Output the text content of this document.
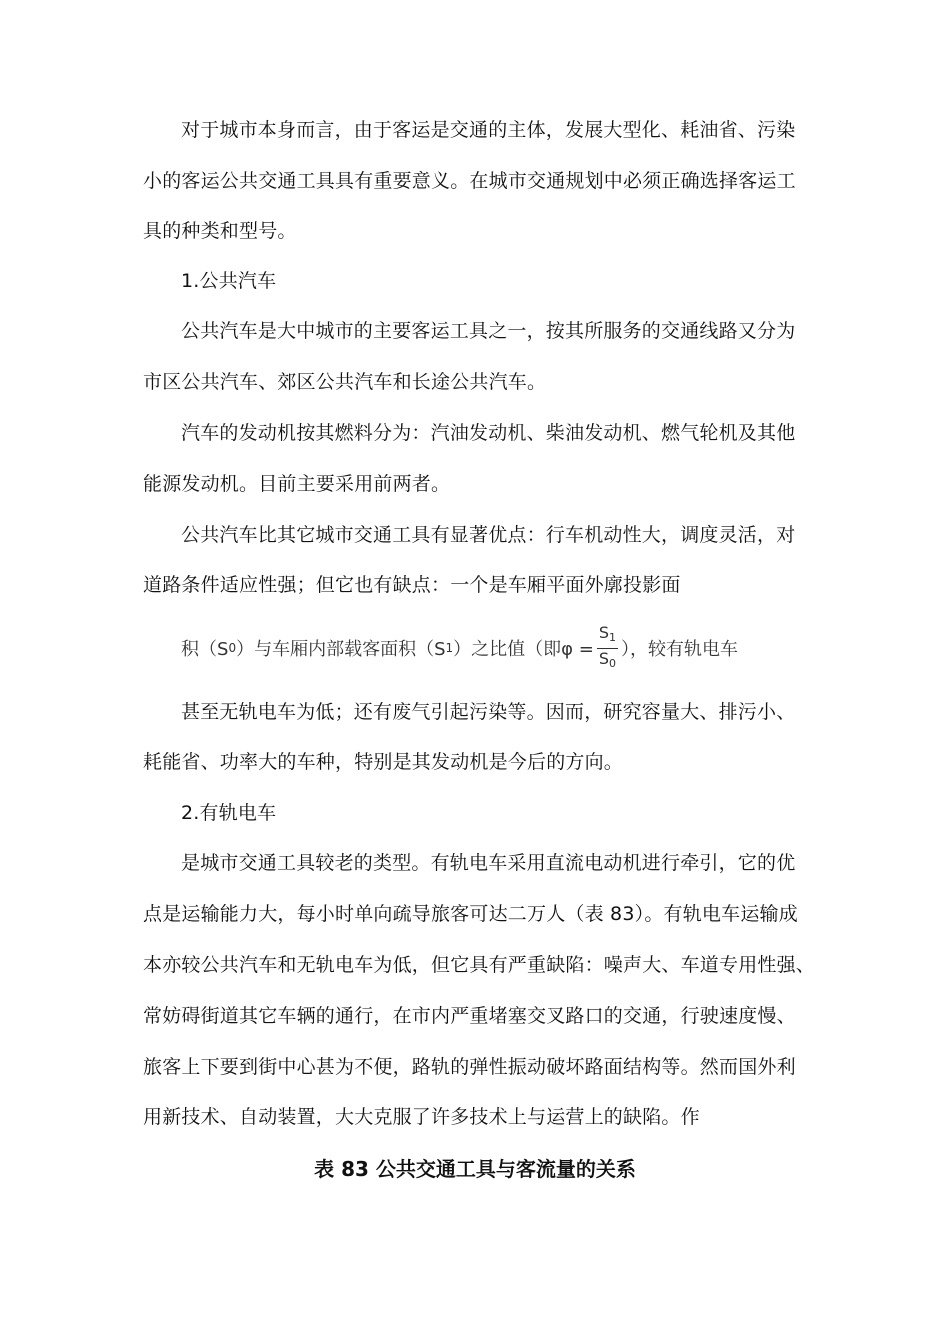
对于城市本身而言，由于客运是交通的主体，发展大型化、耗油省、污染
小的客运公共交通工具具有重要意义。在城市交通规划中必须正确选择客运工
具的种类和型号。
1.公共汽车
公共汽车是大中城市的主要客运工具之一，按其所服务的交通线路又分为
市区公共汽车、郊区公共汽车和长途公共汽车。
汽车的发动机按其燃料分为：汽油发动机、柴油发动机、燃气轮机及其他
能源发动机。目前主要采用前两者。
公共汽车比其它城市交通工具有显著优点：行车机动性大，调度灵活，对
道路条件适应性强；但它也有缺点：一个是车厢平面外廓投影面
积（S 0 ）与车厢内部载客面积（S 1 ）之比值（即$\varphi = \frac{S_1}{S_0}$ ），较有轨电车
甚至无轨电车为低；还有废气引起污染等。因而，研究容量大、排污小、
耗能省、功率大的车种，特别是其发动机是今后的方向。
2.有轨电车
是城市交通工具较老的类型。有轨电车采用直流电动机进行牵引，它的优
点是运输能力大，每小时单向疏导旅客可达二万人（表 83）。有轨电车运输成
本亦较公共汽车和无轨电车为低，但它具有严重缺陷：噪声大、车道专用性强、
常妨碍街道其它车辆的通行，在市内严重堵塞交叉路口的交通，行驶速度慢、
旅客上下要到街中心甚为不便，路轨的弹性振动破坏路面结构等。然而国外利
用新技术、自动装置，大大克服了许多技术上与运营上的缺陷。作
表 83 公共交通工具与客流量的关系
